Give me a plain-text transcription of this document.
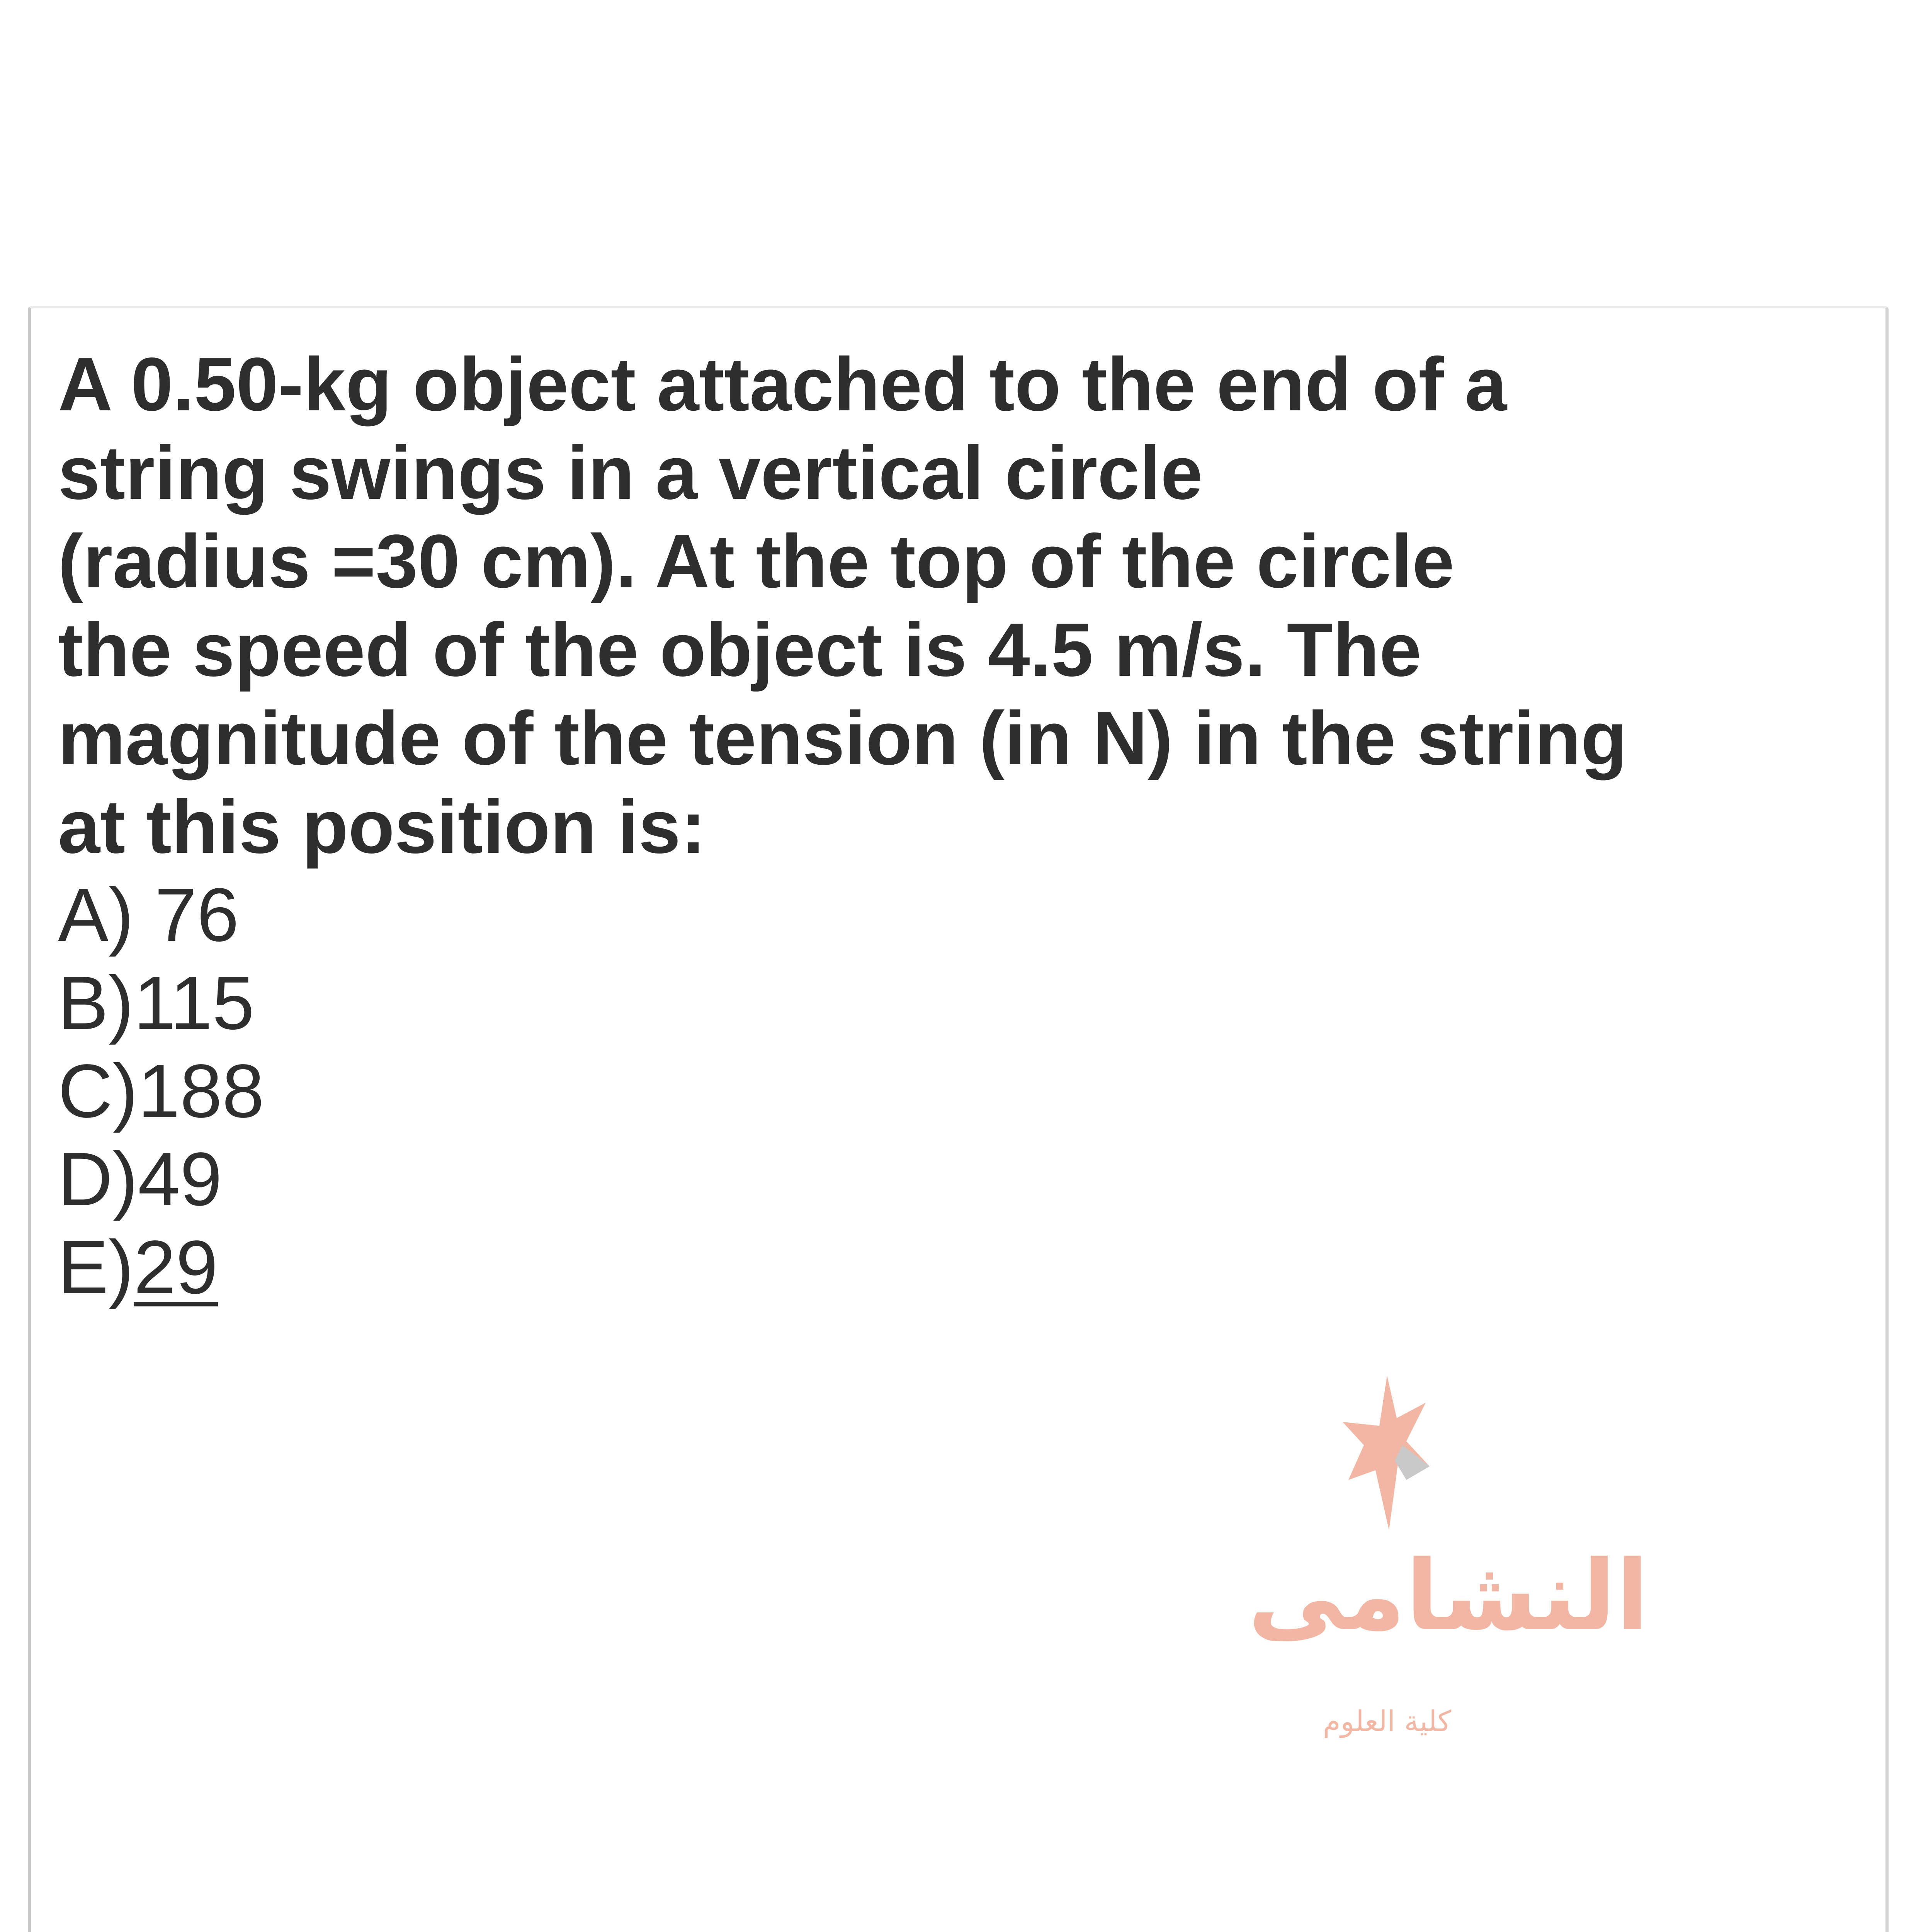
A 0.50-kg object attached to the end of a
string swings in a vertical circle
(radius =30 cm). At the top of the circle
the speed of the object is 4.5 m/s. The
magnitude of the tension (in N) in the string
at this position is:
A) 76
B)115
C)188
D)49
E)29
النشامى
كلية العلوم
